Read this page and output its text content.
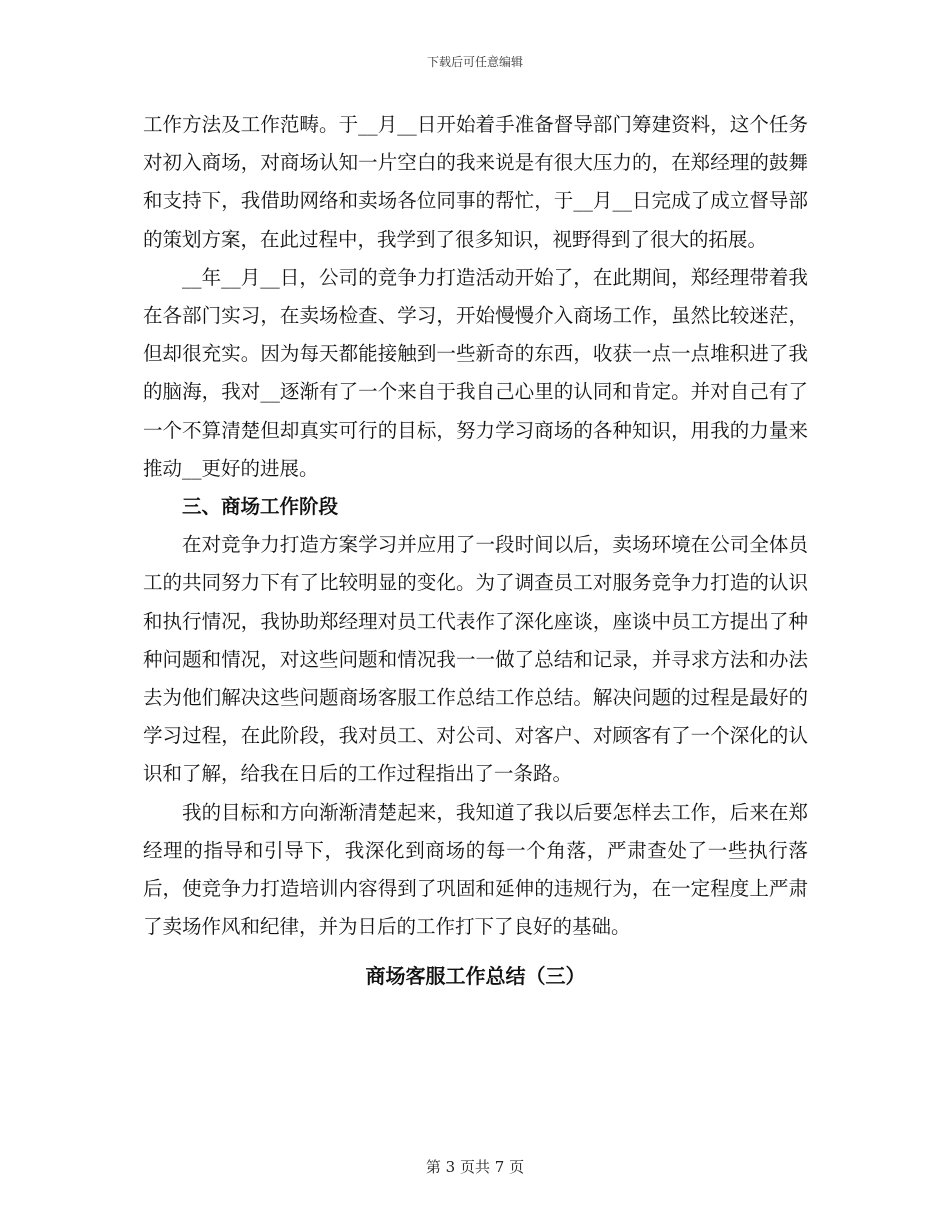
下载后可任意编辑

工作方法及工作范畴。于__月__日开始着手准备督导部门筹建资料，这个任务对初入商场，对商场认知一片空白的我来说是有很大压力的，在郑经理的鼓舞和支持下，我借助网络和卖场各位同事的帮忙，于__月__日完成了成立督导部的策划方案，在此过程中，我学到了很多知识，视野得到了很大的拓展。

__年__月__日，公司的竞争力打造活动开始了，在此期间，郑经理带着我在各部门实习，在卖场检查、学习，开始慢慢介入商场工作，虽然比较迷茫，但却很充实。因为每天都能接触到一些新奇的东西，收获一点一点堆积进了我的脑海，我对__逐渐有了一个来自于我自己心里的认同和肯定。并对自己有了一个不算清楚但却真实可行的目标，努力学习商场的各种知识，用我的力量来推动__更好的进展。

三、商场工作阶段

在对竞争力打造方案学习并应用了一段时间以后，卖场环境在公司全体员工的共同努力下有了比较明显的变化。为了调查员工对服务竞争力打造的认识和执行情况，我协助郑经理对员工代表作了深化座谈，座谈中员工方提出了种种问题和情况，对这些问题和情况我一一做了总结和记录，并寻求方法和办法去为他们解决这些问题商场客服工作总结工作总结。解决问题的过程是最好的学习过程，在此阶段，我对员工、对公司、对客户、对顾客有了一个深化的认识和了解，给我在日后的工作过程指出了一条路。

我的目标和方向渐渐清楚起来，我知道了我以后要怎样去工作，后来在郑经理的指导和引导下，我深化到商场的每一个角落，严肃查处了一些执行落后，使竞争力打造培训内容得到了巩固和延伸的违规行为，在一定程度上严肃了卖场作风和纪律，并为日后的工作打下了良好的基础。

商场客服工作总结（三）
第 3 页共 7 页
